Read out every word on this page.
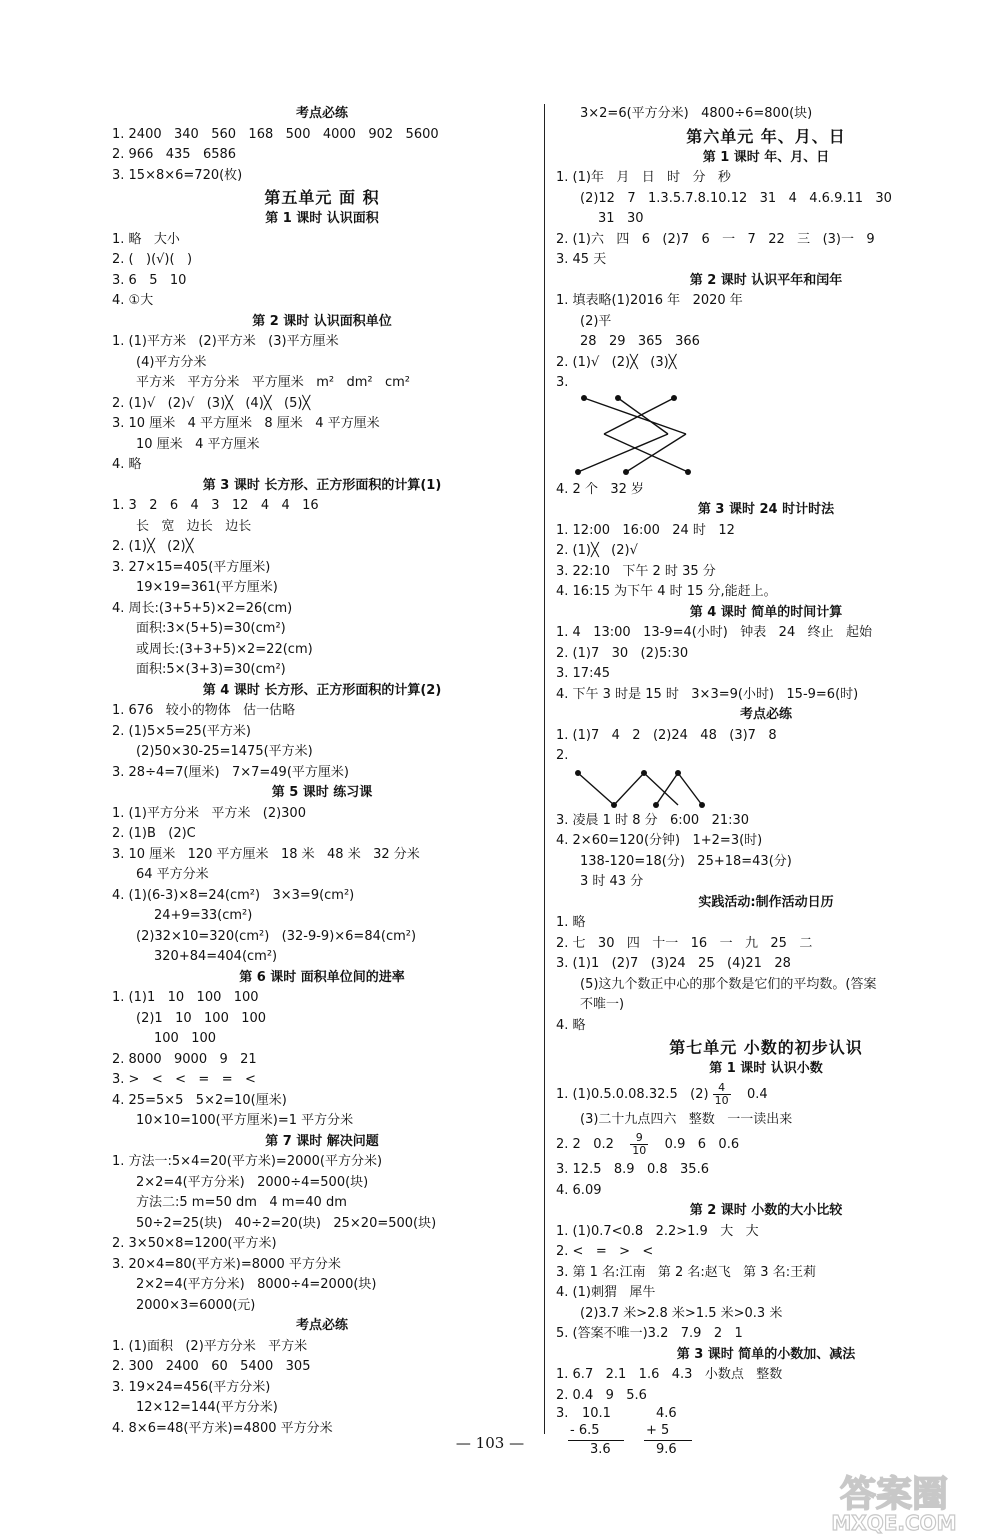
考点必练
1. 2400   340   560   168   500   4000   902   5600
2. 966   435   6586
3. 15×8×6=720(枚)
第五单元 面 积
第 1 课时 认识面积
1. 略   大小
2. (   )(√)(   )
3. 6   5   10
4. ①大
第 2 课时 认识面积单位
1. (1)平方米   (2)平方米   (3)平方厘米
(4)平方分米
平方米   平方分米   平方厘米   m²   dm²   cm²
2. (1)√   (2)√   (3)╳   (4)╳   (5)╳
3. 10 厘米   4 平方厘米   8 厘米   4 平方厘米
10 厘米   4 平方厘米
4. 略
第 3 课时 长方形、正方形面积的计算(1)
1. 3   2   6   4   3   12   4   4   16
长   宽   边长   边长
2. (1)╳   (2)╳
3. 27×15=405(平方厘米)
19×19=361(平方厘米)
4. 周长:(3+5+5)×2=26(cm)
面积:3×(5+5)=30(cm²)
或周长:(3+3+5)×2=22(cm)
面积:5×(3+3)=30(cm²)
第 4 课时 长方形、正方形面积的计算(2)
1. 676   较小的物体   估一估略
2. (1)5×5=25(平方米)
(2)50×30-25=1475(平方米)
3. 28÷4=7(厘米)   7×7=49(平方厘米)
第 5 课时 练习课
1. (1)平方分米   平方米   (2)300
2. (1)B   (2)C
3. 10 厘米   120 平方厘米   18 米   48 米   32 分米
64 平方分米
4. (1)(6-3)×8=24(cm²)   3×3=9(cm²)
24+9=33(cm²)
(2)32×10=320(cm²)   (32-9-9)×6=84(cm²)
320+84=404(cm²)
第 6 课时 面积单位间的进率
1. (1)1   10   100   100
(2)1   10   100   100
100   100
2. 8000   9000   9   21
3. >   <   <   =   =   <
4. 25=5×5   5×2=10(厘米)
10×10=100(平方厘米)=1 平方分米
第 7 课时 解决问题
1. 方法一:5×4=20(平方米)=2000(平方分米)
2×2=4(平方分米)   2000÷4=500(块)
方法二:5 m=50 dm   4 m=40 dm
50÷2=25(块)   40÷2=20(块)   25×20=500(块)
2. 3×50×8=1200(平方米)
3. 20×4=80(平方米)=8000 平方分米
2×2=4(平方分米)   8000÷4=2000(块)
2000×3=6000(元)
考点必练
1. (1)面积   (2)平方分米   平方米
2. 300   2400   60   5400   305
3. 19×24=456(平方分米)
12×12=144(平方分米)
4. 8×6=48(平方米)=4800 平方分米
3×2=6(平方分米)   4800÷6=800(块)
第六单元 年、月、日
第 1 课时 年、月、日
1. (1)年   月   日   时   分   秒
(2)12   7   1.3.5.7.8.10.12   31   4   4.6.9.11   30
31   30
2. (1)六   四   6   (2)7   6   一   7   22   三   (3)一   9
3. 45 天
第 2 课时 认识平年和闰年
1. 填表略(1)2016 年   2020 年
(2)平
28   29   365   366
2. (1)√   (2)╳   (3)╳
3.
4. 2 个   32 岁
第 3 课时 24 时计时法
1. 12:00   16:00   24 时   12
2. (1)╳   (2)√
3. 22:10   下午 2 时 35 分
4. 16:15 为下午 4 时 15 分,能赶上。
第 4 课时 简单的时间计算
1. 4   13:00   13-9=4(小时)   钟表   24   终止   起始
2. (1)7   30   (2)5:30
3. 17:45
4. 下午 3 时是 15 时   3×3=9(小时)   15-9=6(时)
考点必练
1. (1)7   4   2   (2)24   48   (3)7   8
2.
3. 凌晨 1 时 8 分   6:00   21:30
4. 2×60=120(分钟)   1+2=3(时)
138-120=18(分)   25+18=43(分)
3 时 43 分
实践活动:制作活动日历
1. 略
2. 七   30   四   十一   16   一   九   25   二
3. (1)1   (2)7   (3)24   25   (4)21   28
(5)这九个数正中心的那个数是它们的平均数。(答案
不唯一)
4. 略
第七单元 小数的初步认识
第 1 课时 认识小数
1. (1)0.5.0.08.32.5   $(2) \frac{4}{10} 0.4$
(3)二十九点四六   整数   一一读出来
2. 2   $0.2 \frac{9}{10} 0.9$   6   0.6
3. 12.5   8.9   0.8   35.6
4. 6.09
第 2 课时 小数的大小比较
1. (1)0.7<0.8   2.2>1.9   大   大
2. <   =   >   <
3. 第 1 名:江南   第 2 名:赵飞   第 3 名:王莉
4. (1)刺猬   犀牛
(2)3.7 米>2.8 米>1.5 米>0.3 米
5. (答案不唯一)3.2   7.9   2   1
第 3 课时 简单的小数加、减法
1. 6.7   2.1   1.6   4.3   小数点   整数
2. 0.4   9   5.6
3. 10.1
- 6.5
3.6
4.6
+ 5
9.6
— 103 —
答案圈
MXQE.COM
